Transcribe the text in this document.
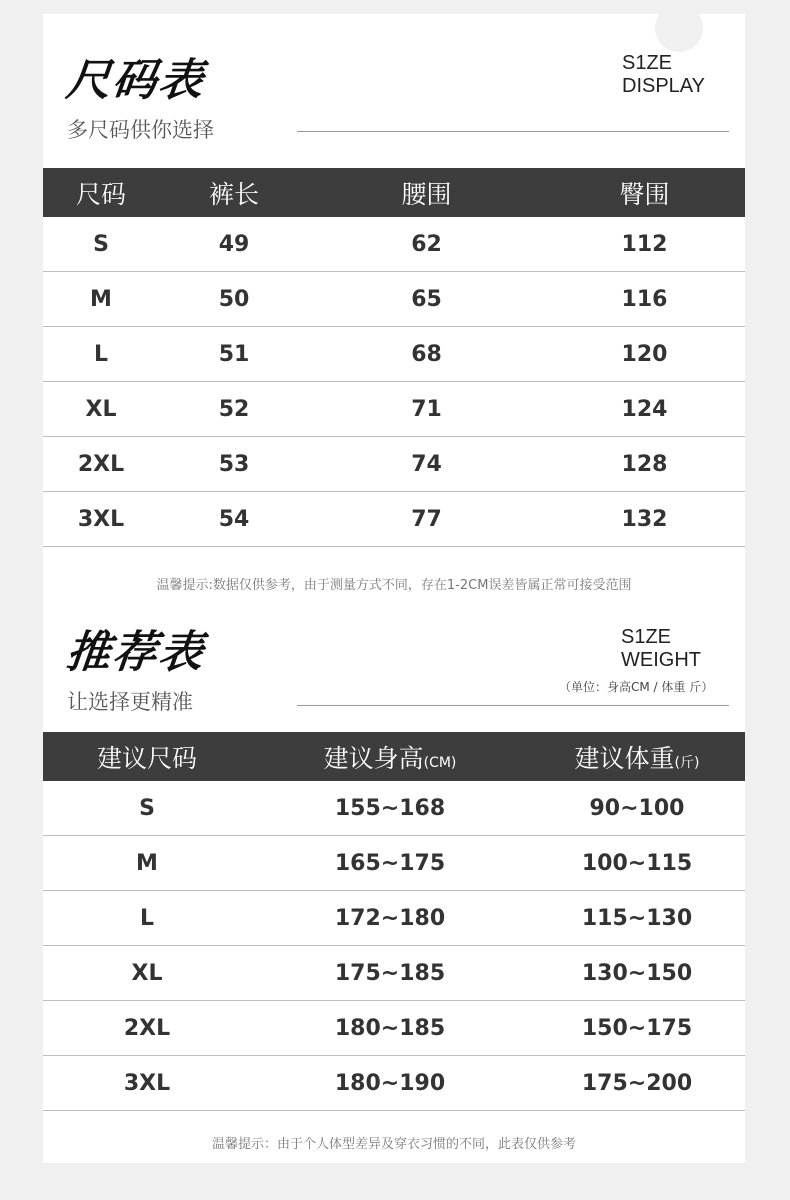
尺码表
多尺码供你选择
S1ZE
DISPLAY
尺码	裤长	腰围	臀围
S	49	62	112
M	50	65	116
L	51	68	120
XL	52	71	124
2XL	53	74	128
3XL	54	77	132
温馨提示:数据仅供参考，由于测量方式不同，存在1-2CM误差皆属正常可接受范围
推荐表
让选择更精准
S1ZE
WEIGHT
（单位：身高CM / 体重 斤）
建议尺码	建议身高(CM)	建议体重(斤)
S	155~168	90~100
M	165~175	100~115
L	172~180	115~130
XL	175~185	130~150
2XL	180~185	150~175
3XL	180~190	175~200
温馨提示：由于个人体型差异及穿衣习惯的不同，此表仅供参考
